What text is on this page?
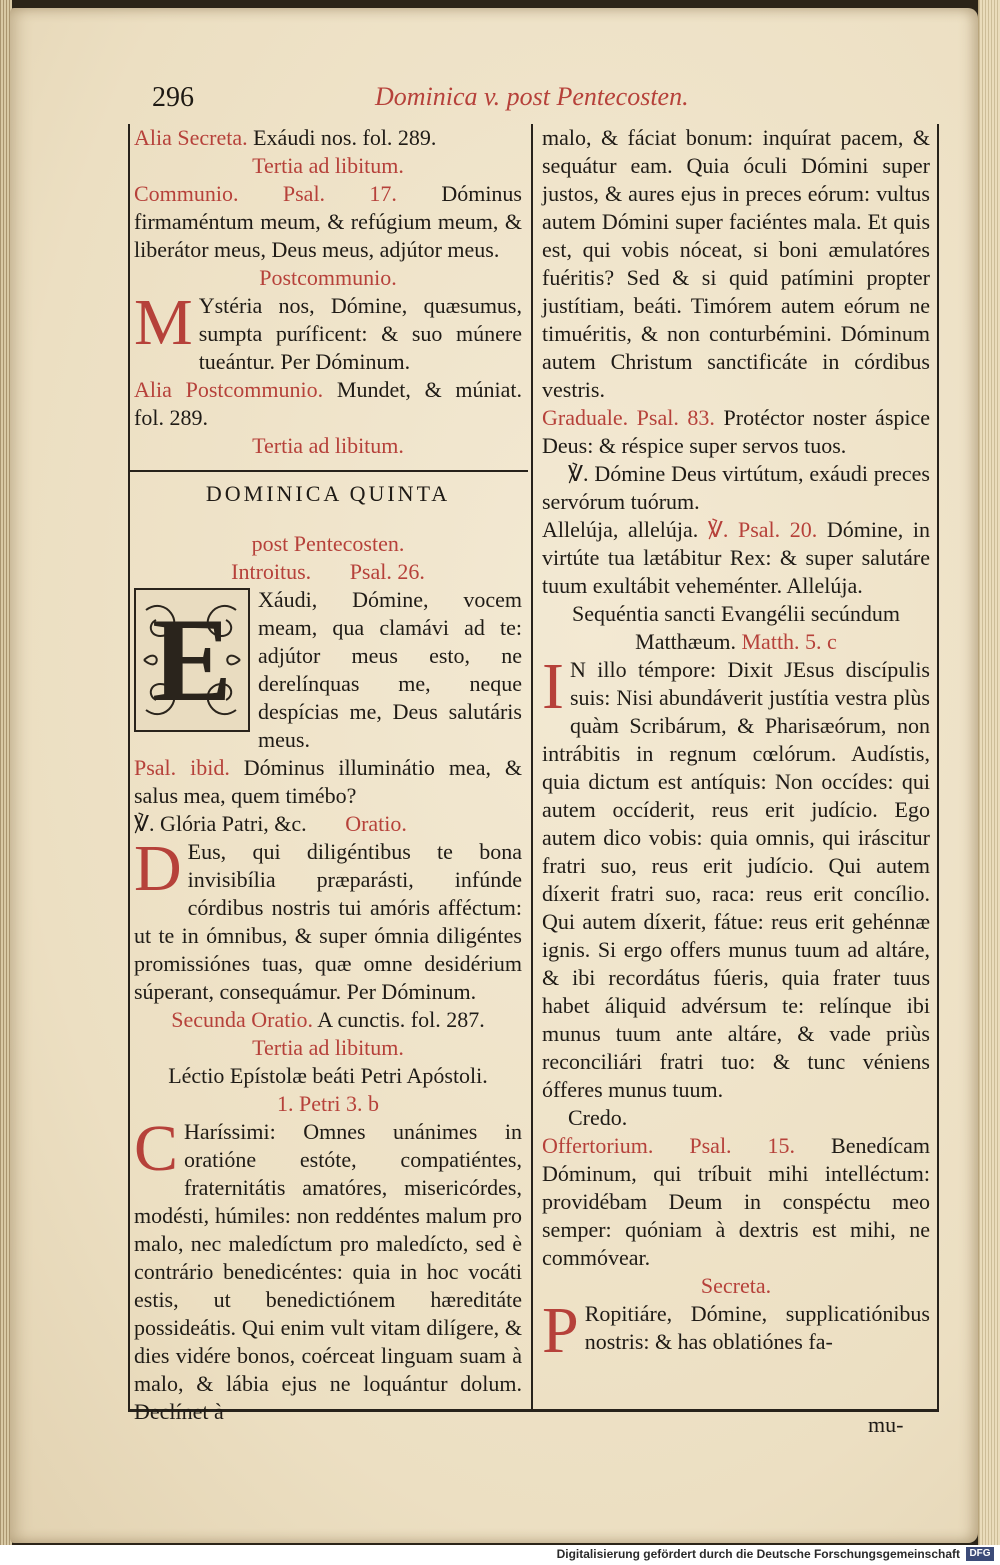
296	Dominica v. post Pentecosten.

Alia Secreta. Exáudi nos. fol. 289.

Tertia ad libitum.

Communio. Psal. 17. Dóminus firmaméntum meum, & refúgium meum, & liberátor meus, Deus meus, adjútor meus.

Postcommunio.

M Ystéria nos, Dómine, quæsumus, sumpta puríficent: & suo múnere tueántur. Per Dóminum.

Alia Postcommunio. Mundet, & múniat. fol. 289.

Tertia ad libitum.

DOMINICA QUINTA

post Pentecosten.

Introitus. Psal. 26.

E	Xáudi, Dómine, vocem meam, qua clamávi ad te: adjútor meus esto, ne derelínquas me, neque despícias me, Deus salutáris meus.

Psal. ibid. Dóminus illuminátio mea, & salus mea, quem timébo?

℣. Glória Patri, &c. Oratio.

D Eus, qui diligéntibus te bona invisibília præparásti, infúnde córdibus nostris tui amóris afféctum: ut te in ómnibus, & super ómnia diligéntes promissiónes tuas, quæ omne desidérium súperant, consequámur. Per Dóminum.

Secunda Oratio. A cunctis. fol. 287.

Tertia ad libitum.

Léctio Epístolæ beáti Petri Apóstoli.

1. Petri 3. b

C Haríssimi: Omnes unánimes in oratióne estóte, compatiéntes, fraternitátis amatóres, misericórdes, modésti, húmiles: non reddéntes malum pro malo, nec maledíctum pro maledícto, sed è contrário benedicéntes: quia in hoc vocáti estis, ut benedictiónem hæreditáte possideátis. Qui enim vult vitam dilígere, & dies vidére bonos, coérceat linguam suam à malo, & lábia ejus ne loquántur dolum. Declínet à

malo, & fáciat bonum: inquírat pacem, & sequátur eam. Quia óculi Dómini super justos, & aures ejus in preces eórum: vultus autem Dómini super faciéntes mala. Et quis est, qui vobis nóceat, si boni æmulatóres fuéritis? Sed & si quid patímini propter justítiam, beáti. Timórem autem eórum ne timuéritis, & non conturbémini. Dóminum autem Christum sanctificáte in córdibus vestris.

Graduale. Psal. 83. Protéctor noster áspice Deus: & réspice super servos tuos.

℣. Dómine Deus virtútum, exáudi preces servórum tuórum.

Allelúja, allelúja. ℣. Psal. 20. Dómine, in virtúte tua lætábitur Rex: & super salutáre tuum exultábit veheménter. Allelúja.

Sequéntia sancti Evangélii secúndum Matthæum. Matth. 5. c

I N illo témpore: Dixit JEsus discípulis suis: Nisi abundáverit justítia vestra plùs quàm Scribárum, & Pharisæórum, non intrábitis in regnum cœlórum. Audístis, quia dictum est antíquis: Non occídes: qui autem occíderit, reus erit judício. Ego autem dico vobis: quia omnis, qui iráscitur fratri suo, reus erit judício. Qui autem díxerit fratri suo, raca: reus erit concílio. Qui autem díxerit, fátue: reus erit gehénnæ ignis. Si ergo offers munus tuum ad altáre, & ibi recordátus fúeris, quia frater tuus habet áliquid advérsum te: relínque ibi munus tuum ante altáre, & vade priùs reconciliári fratri tuo: & tunc véniens ófferes munus tuum.

Credo.

Offertorium. Psal. 15. Benedícam Dóminum, qui tríbuit mihi intelléctum: providébam Deum in conspéctu meo semper: quóniam à dextris est mihi, ne commóvear.

Secreta.

P Ropitiáre, Dómine, supplicatiónibus nostris: & has oblatiónes fa-

mu-
Digitalisierung gefördert durch die Deutsche Forschungsgemeinschaft DFG
